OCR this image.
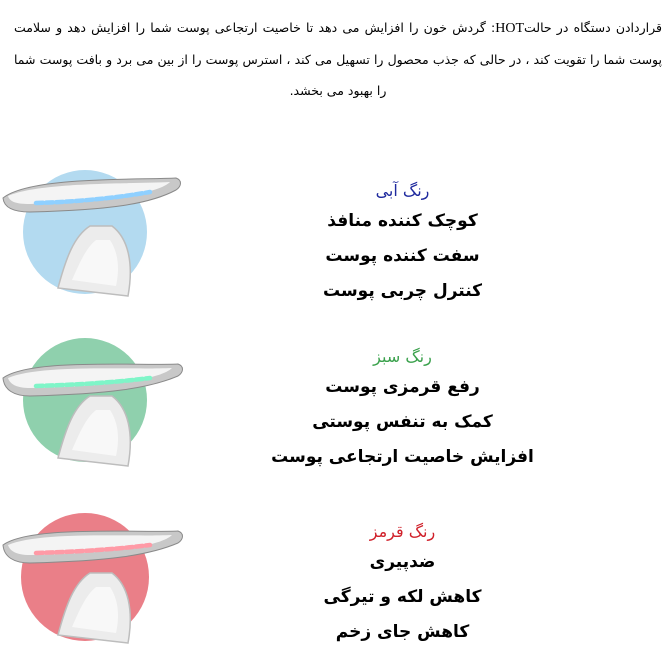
قراردادن دستگاه در حالتHOT: گردش خون را افزایش می دهد تا خاصیت ارتجاعی پوست شما را افزایش دهد و سلامت پوست شما را تقویت کند ، در حالی که جذب محصول را تسهیل می کند ، استرس پوست را از بین می برد و بافت پوست شما را بهبود می بخشد.
رنگ آبی
کوچک کننده منافذ
سفت کننده پوست
کنترل چربی پوست
رنگ سبز
رفع قرمزی پوست
کمک به تنفس پوستی
افزایش خاصیت ارتجاعی پوست
رنگ قرمز
ضدپیری
کاهش لکه و تیرگی
کاهش جای زخم
